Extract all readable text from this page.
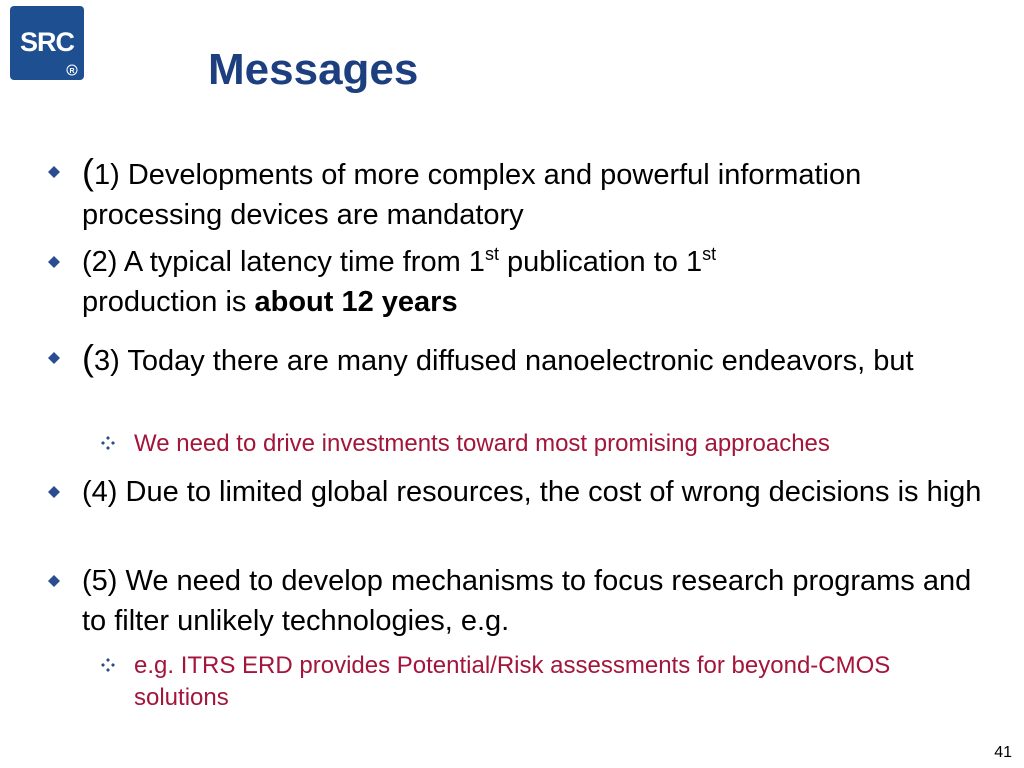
SRC
R	Messages
(1) Developments of more complex and powerful information processing devices are mandatory
(2) A typical latency time from 1st publication to 1st
production is about 12 years
(3) Today there are many diffused nanoelectronic endeavors, but
We need to drive investments toward most promising approaches
(4) Due to limited global resources, the cost of wrong decisions is high
(5) We need to develop mechanisms to focus research programs and to filter unlikely technologies, e.g.
e.g. ITRS ERD provides Potential/Risk assessments for beyond-CMOS solutions
41
